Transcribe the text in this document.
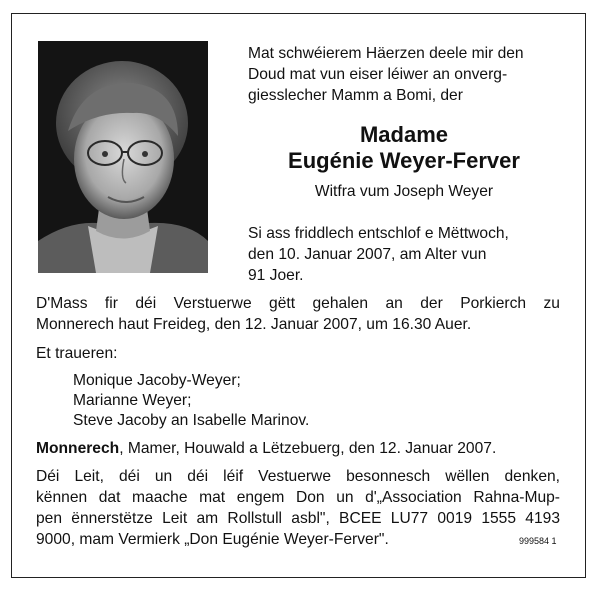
Mat schwéierem Häerzen deele mir den
Doud mat vun eiser léiwer an onverg-
giesslecher Mamm a Bomi, der
Madame
Eugénie Weyer-Ferver
Witfra vum Joseph Weyer
Si ass friddlech entschlof e Mëttwoch,
den 10. Januar 2007, am Alter vun
91 Joer.
D'Mass fir déi Verstuerwe gëtt gehalen an der Porkierch zu
Monnerech haut Freideg, den 12. Januar 2007, um 16.30 Auer.
Et traueren:
Monique Jacoby-Weyer;
Marianne Weyer;
Steve Jacoby an Isabelle Marinov.
Monnerech, Mamer, Houwald a Lëtzebuerg, den 12. Januar 2007.
Déi Leit, déi un déi léif Vestuerwe besonnesch wëllen denken,
kënnen dat maache mat engem Don un d'„Association Rahna-Mup-
pen ënnerstëtze Leit am Rollstull asbl", BCEE LU77 0019 1555 4193
9000, mam Vermierk „Don Eugénie Weyer-Ferver".	999584 1
